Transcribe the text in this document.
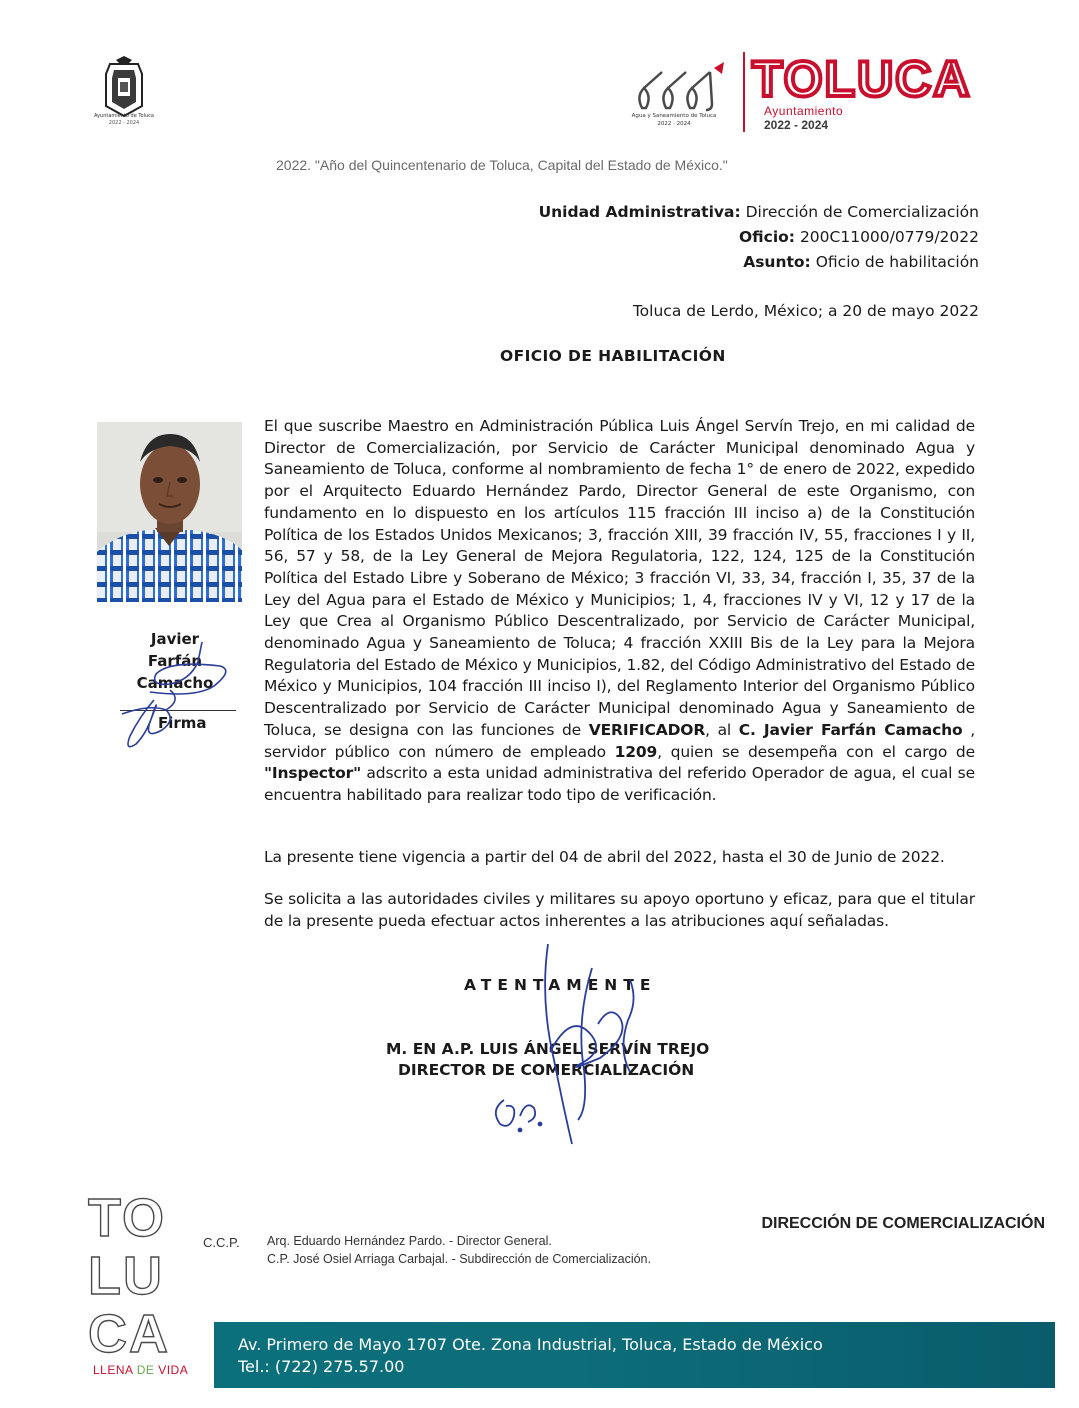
Ayuntamiento de Toluca
2022 - 2024
Agua y Saneamiento de Toluca
2022 · 2024
TOLUCA
Ayuntamiento
2022 - 2024
2022. "Año del Quincentenario de Toluca, Capital del Estado de México."
Unidad Administrativa: Dirección de Comercialización
Oficio: 200C11000/0779/2022
Asunto: Oficio de habilitación
Toluca de Lerdo, México; a 20 de mayo 2022
OFICIO DE HABILITACIÓN
Javier
Farfán
Camacho
Firma

El que suscribe Maestro en Administración Pública Luis Ángel Servín Trejo, en mi calidad de Director de Comercialización, por Servicio de Carácter Municipal denominado Agua y Saneamiento de Toluca, conforme al nombramiento de fecha 1° de enero de 2022, expedido por el Arquitecto Eduardo Hernández Pardo, Director General de este Organismo, con fundamento en lo dispuesto en los artículos 115 fracción III inciso a) de la Constitución Política de los Estados Unidos Mexicanos; 3, fracción XIII, 39 fracción IV, 55, fracciones I y II, 56, 57 y 58, de la Ley General de Mejora Regulatoria, 122, 124, 125 de la Constitución Política del Estado Libre y Soberano de México; 3 fracción VI, 33, 34, fracción I, 35, 37 de la Ley del Agua para el Estado de México y Municipios; 1, 4, fracciones IV y VI, 12 y 17 de la Ley que Crea al Organismo Público Descentralizado, por Servicio de Carácter Municipal, denominado Agua y Saneamiento de Toluca; 4 fracción XXIII Bis de la Ley para la Mejora Regulatoria del Estado de México y Municipios, 1.82, del Código Administrativo del Estado de México y Municipios, 104 fracción III inciso I), del Reglamento Interior del Organismo Público Descentralizado por Servicio de Carácter Municipal denominado Agua y Saneamiento de Toluca, se designa con las funciones de VERIFICADOR, al C. Javier Farfán Camacho , servidor público con número de empleado 1209, quien se desempeña con el cargo de "Inspector" adscrito a esta unidad administrativa del referido Operador de agua, el cual se encuentra habilitado para realizar todo tipo de verificación.

La presente tiene vigencia a partir del 04 de abril del 2022, hasta el 30 de Junio de 2022.
Se solicita a las autoridades civiles y militares su apoyo oportuno y eficaz, para que el titular de la presente pueda efectuar actos inherentes a las atribuciones aquí señaladas.
ATENTAMENTE
M. EN A.P. LUIS ÁNGEL SERVÍN TREJO
DIRECTOR DE COMERCIALIZACIÓN
TO
LU
CA
LLENA DE VIDA
C.C.P. Arq. Eduardo Hernández Pardo. - Director General.
C.P. José Osiel Arriaga Carbajal. - Subdirección de Comercialización.
DIRECCIÓN DE COMERCIALIZACIÓN
Av. Primero de Mayo 1707 Ote. Zona Industrial, Toluca, Estado de México
Tel.: (722) 275.57.00
